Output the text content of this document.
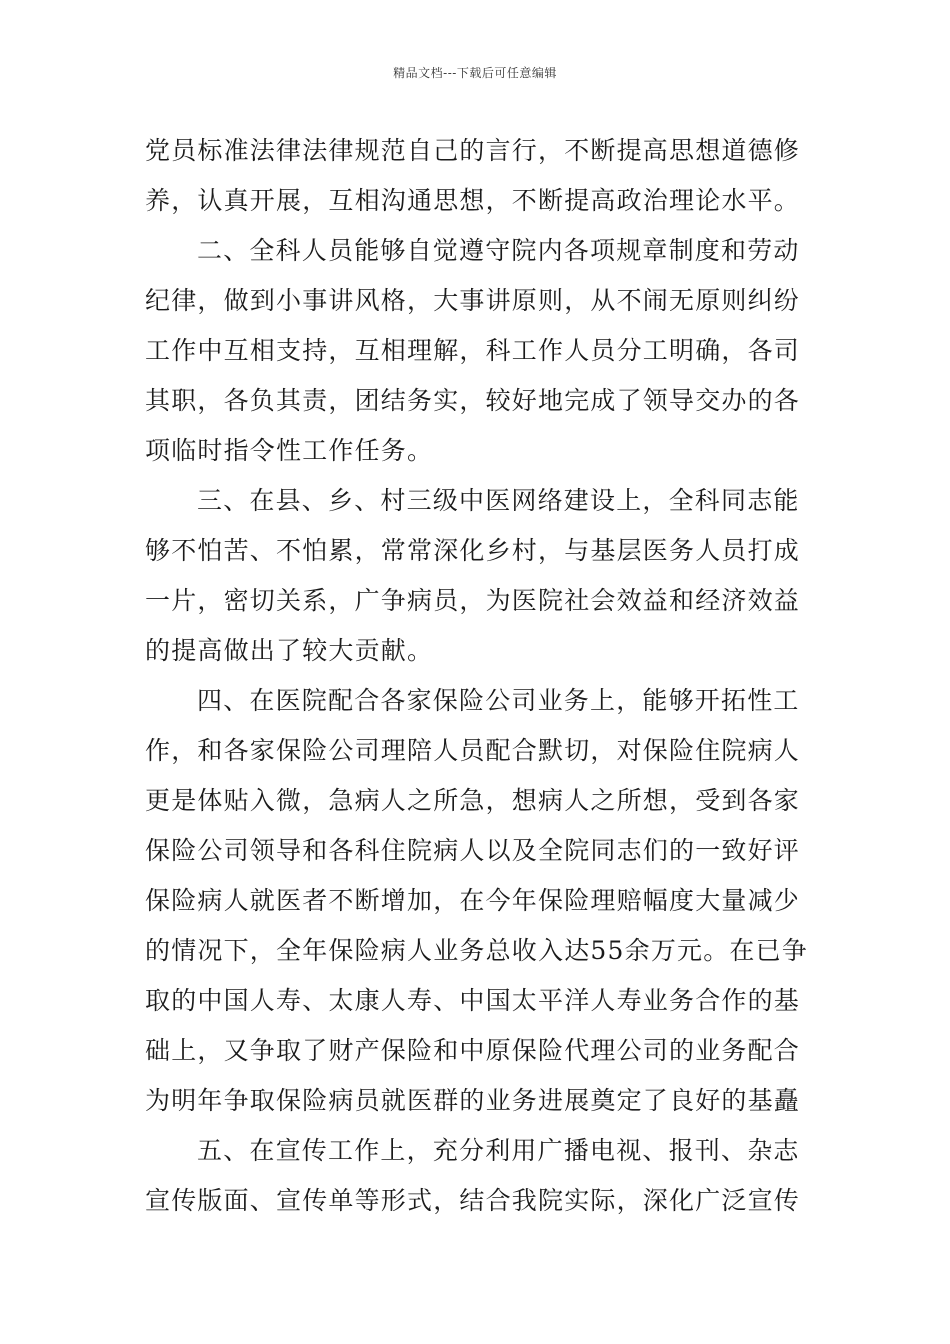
精品文档---下载后可任意编辑
党员标准法律法律规范自己的言行，不断提高思想道德修
养，认真开展，互相沟通思想，不断提高政治理论水平。
二、全科人员能够自觉遵守院内各项规章制度和劳动
纪律，做到小事讲风格，大事讲原则，从不闹无原则纠纷
工作中互相支持，互相理解，科工作人员分工明确，各司
其职，各负其责，团结务实，较好地完成了领导交办的各
项临时指令性工作任务。
三、在县、乡、村三级中医网络建设上，全科同志能
够不怕苦、不怕累，常常深化乡村，与基层医务人员打成
一片，密切关系，广争病员，为医院社会效益和经济效益
的提高做出了较大贡献。
四、在医院配合各家保险公司业务上，能够开拓性工
作，和各家保险公司理陪人员配合默切，对保险住院病人
更是体贴入微，急病人之所急，想病人之所想，受到各家
保险公司领导和各科住院病人以及全院同志们的一致好评
保险病人就医者不断增加，在今年保险理赔幅度大量减少
的情况下，全年保险病人业务总收入达55余万元。在已争
取的中国人寿、太康人寿、中国太平洋人寿业务合作的基
础上，又争取了财产保险和中原保险代理公司的业务配合
为明年争取保险病员就医群的业务进展奠定了良好的基矗
五、在宣传工作上，充分利用广播电视、报刊、杂志
宣传版面、宣传单等形式，结合我院实际，深化广泛宣传
